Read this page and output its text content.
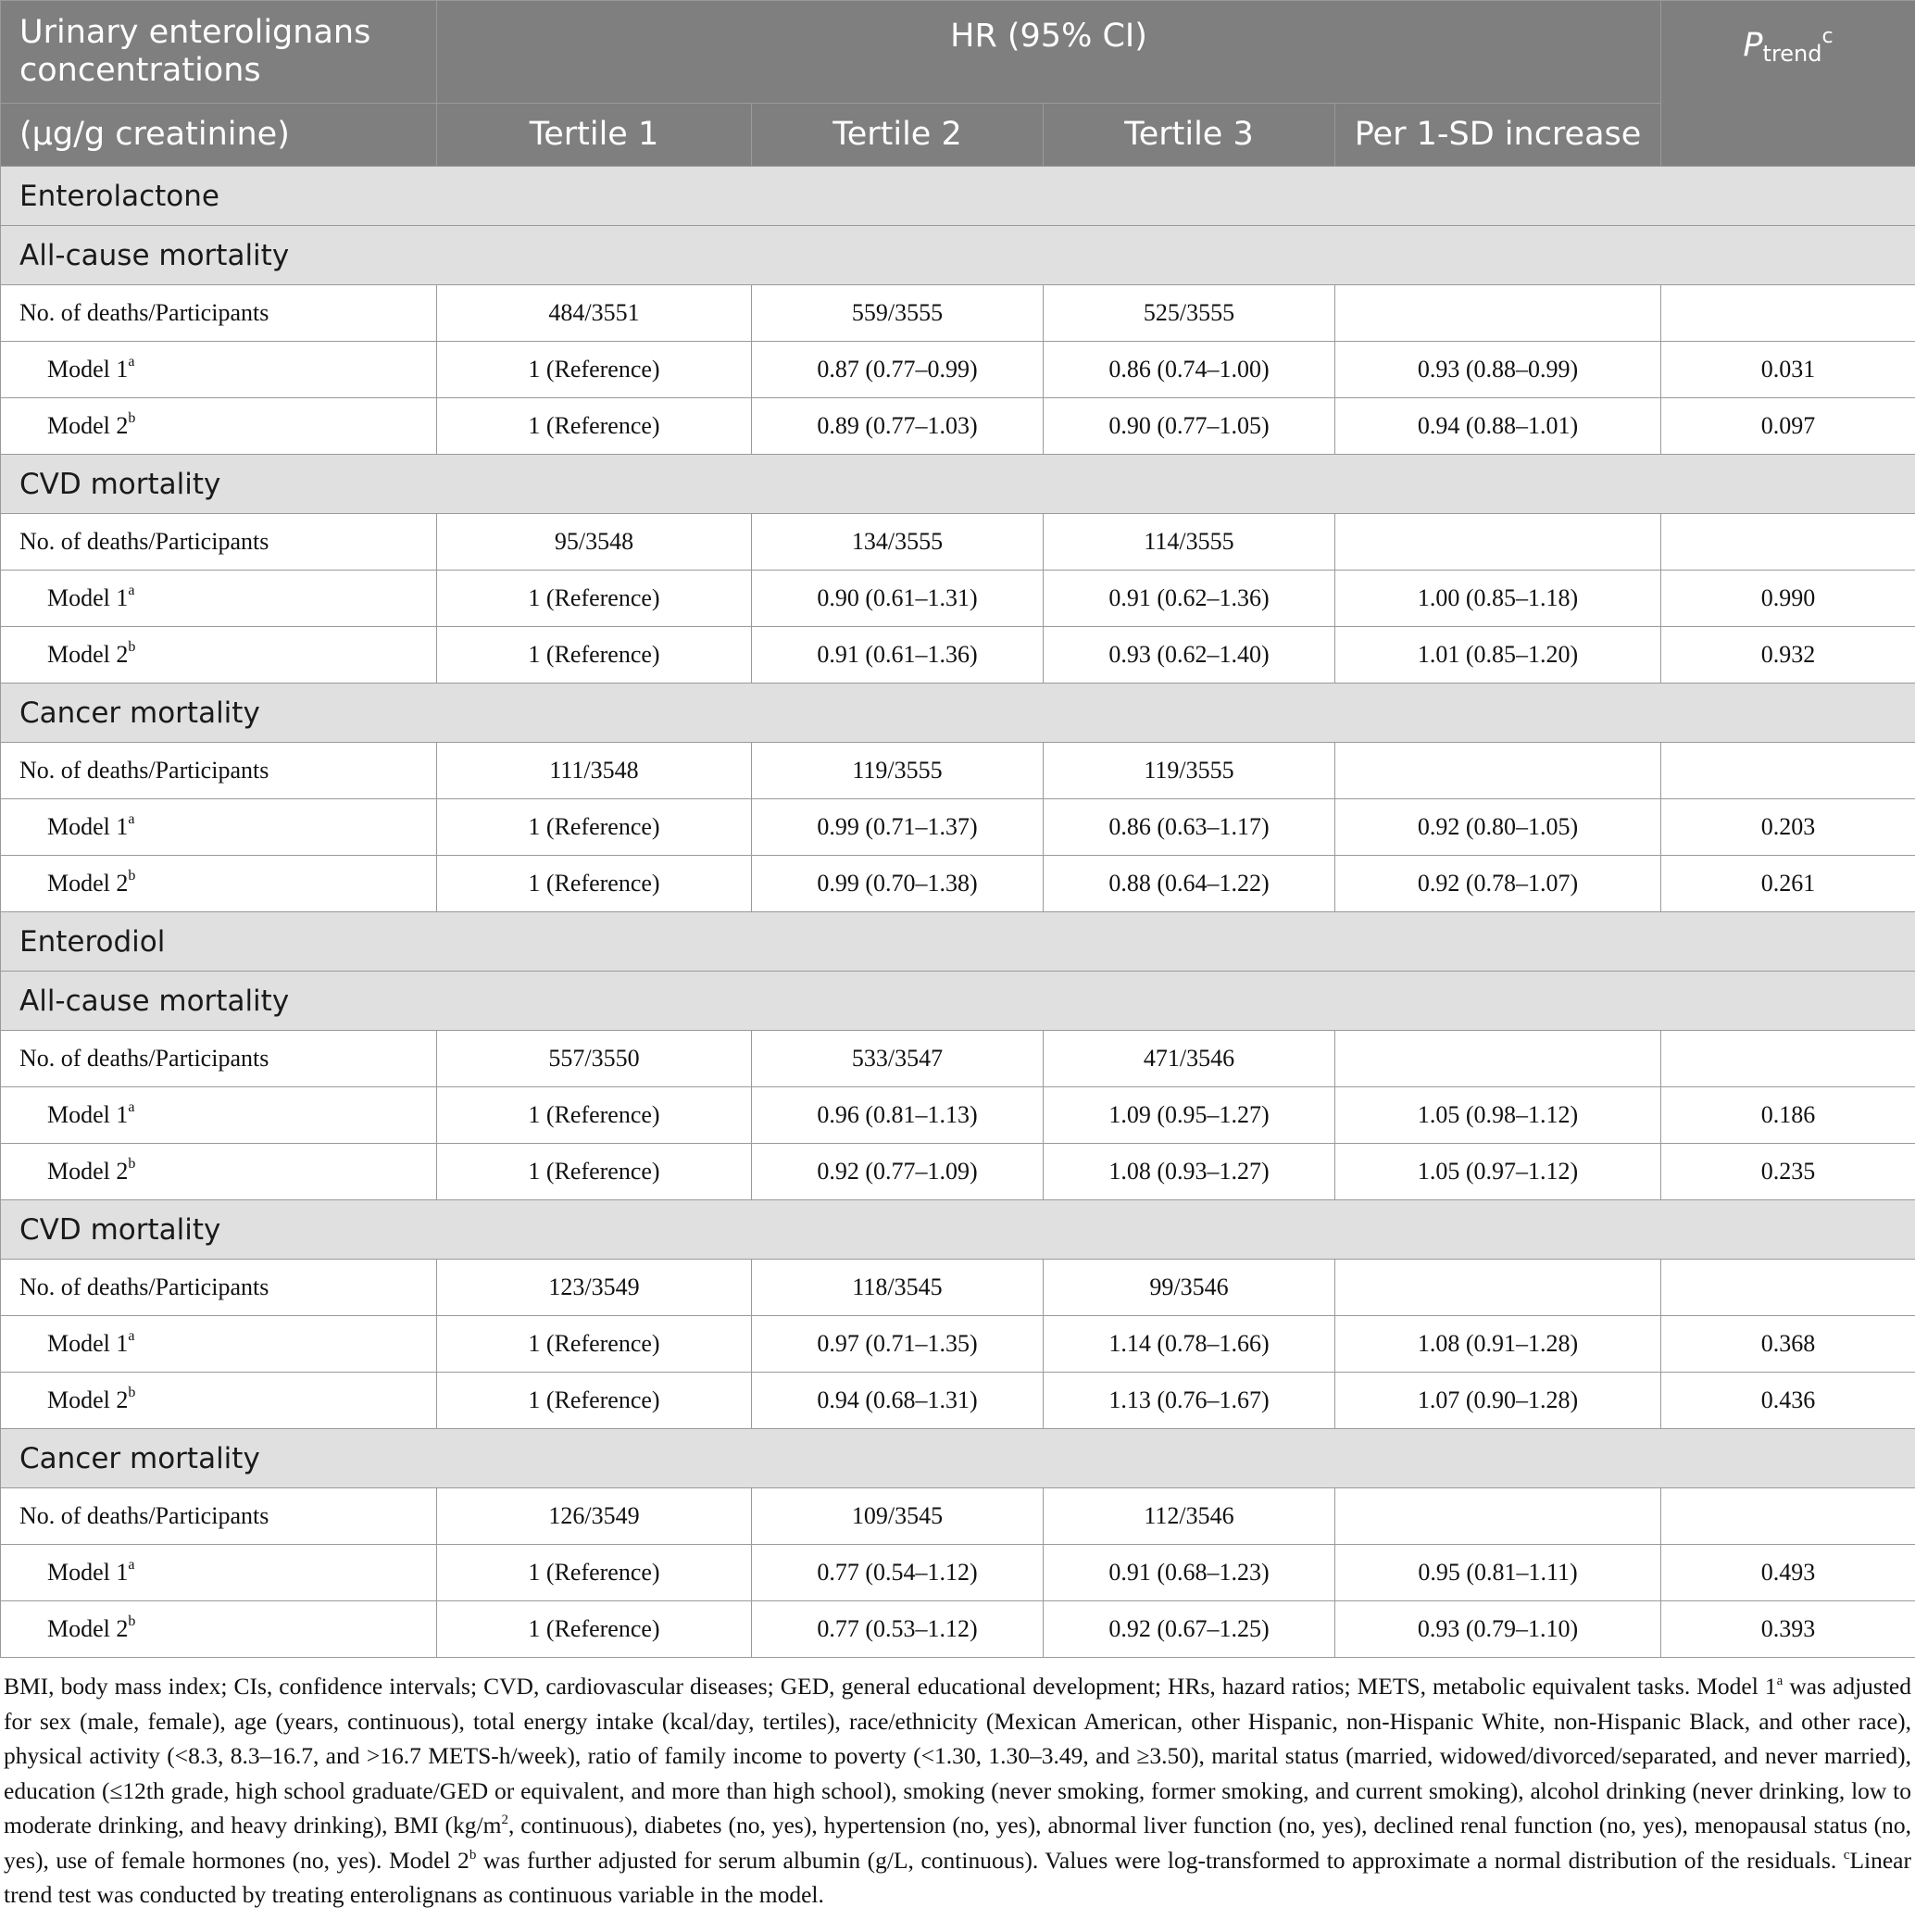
Urinary enterolignans concentrations	HR (95% CI)				$P_{trend}^c$
(μg/g creatinine)	Tertile 1	Tertile 2	Tertile 3	Per 1-SD increase	
Enterolactone					
All-cause mortality					
No. of deaths/Participants	484/3551	559/3555	525/3555		
Model 1$^a$	1 (Reference)	0.87 (0.77–0.99)	0.86 (0.74–1.00)	0.93 (0.88–0.99)	0.031
Model 2$^b$	1 (Reference)	0.89 (0.77–1.03)	0.90 (0.77–1.05)	0.94 (0.88–1.01)	0.097
CVD mortality					
No. of deaths/Participants	95/3548	134/3555	114/3555		
Model 1$^a$	1 (Reference)	0.90 (0.61–1.31)	0.91 (0.62–1.36)	1.00 (0.85–1.18)	0.990
Model 2$^b$	1 (Reference)	0.91 (0.61–1.36)	0.93 (0.62–1.40)	1.01 (0.85–1.20)	0.932
Cancer mortality					
No. of deaths/Participants	111/3548	119/3555	119/3555		
Model 1$^a$	1 (Reference)	0.99 (0.71–1.37)	0.86 (0.63–1.17)	0.92 (0.80–1.05)	0.203
Model 2$^b$	1 (Reference)	0.99 (0.70–1.38)	0.88 (0.64–1.22)	0.92 (0.78–1.07)	0.261
Enterodiol					
All-cause mortality					
No. of deaths/Participants	557/3550	533/3547	471/3546		
Model 1$^a$	1 (Reference)	0.96 (0.81–1.13)	1.09 (0.95–1.27)	1.05 (0.98–1.12)	0.186
Model 2$^b$	1 (Reference)	0.92 (0.77–1.09)	1.08 (0.93–1.27)	1.05 (0.97–1.12)	0.235
CVD mortality					
No. of deaths/Participants	123/3549	118/3545	99/3546		
Model 1$^a$	1 (Reference)	0.97 (0.71–1.35)	1.14 (0.78–1.66)	1.08 (0.91–1.28)	0.368
Model 2$^b$	1 (Reference)	0.94 (0.68–1.31)	1.13 (0.76–1.67)	1.07 (0.90–1.28)	0.436
Cancer mortality					
No. of deaths/Participants	126/3549	109/3545	112/3546		
Model 1$^a$	1 (Reference)	0.77 (0.54–1.12)	0.91 (0.68–1.23)	0.95 (0.81–1.11)	0.493
Model 2$^b$	1 (Reference)	0.77 (0.53–1.12)	0.92 (0.67–1.25)	0.93 (0.79–1.10)	0.393

BMI, body mass index; CIs, confidence intervals; CVD, cardiovascular diseases; GED, general educational development; HRs, hazard ratios; METS, metabolic equivalent tasks. Model 1$^a$ was adjusted for sex (male, female), age (years, continuous), total energy intake (kcal/day, tertiles), race/ethnicity (Mexican American, other Hispanic, non-Hispanic White, non-Hispanic Black, and other race), physical activity (<8.3, 8.3–16.7, and >16.7 METS-h/week), ratio of family income to poverty (<1.30, 1.30–3.49, and ≥3.50), marital status (married, widowed/divorced/separated, and never married), education (≤12th grade, high school graduate/GED or equivalent, and more than high school), smoking (never smoking, former smoking, and current smoking), alcohol drinking (never drinking, low to moderate drinking, and heavy drinking), BMI ($kg/m^2$, continuous), diabetes (no, yes), hypertension (no, yes), abnormal liver function (no, yes), declined renal function (no, yes), menopausal status (no, yes), use of female hormones (no, yes). Model 2$^b$ was further adjusted for serum albumin (g/L, continuous). Values were log-transformed to approximate a normal distribution of the residuals. $^c$Linear trend test was conducted by treating enterolignans as continuous variable in the model.
